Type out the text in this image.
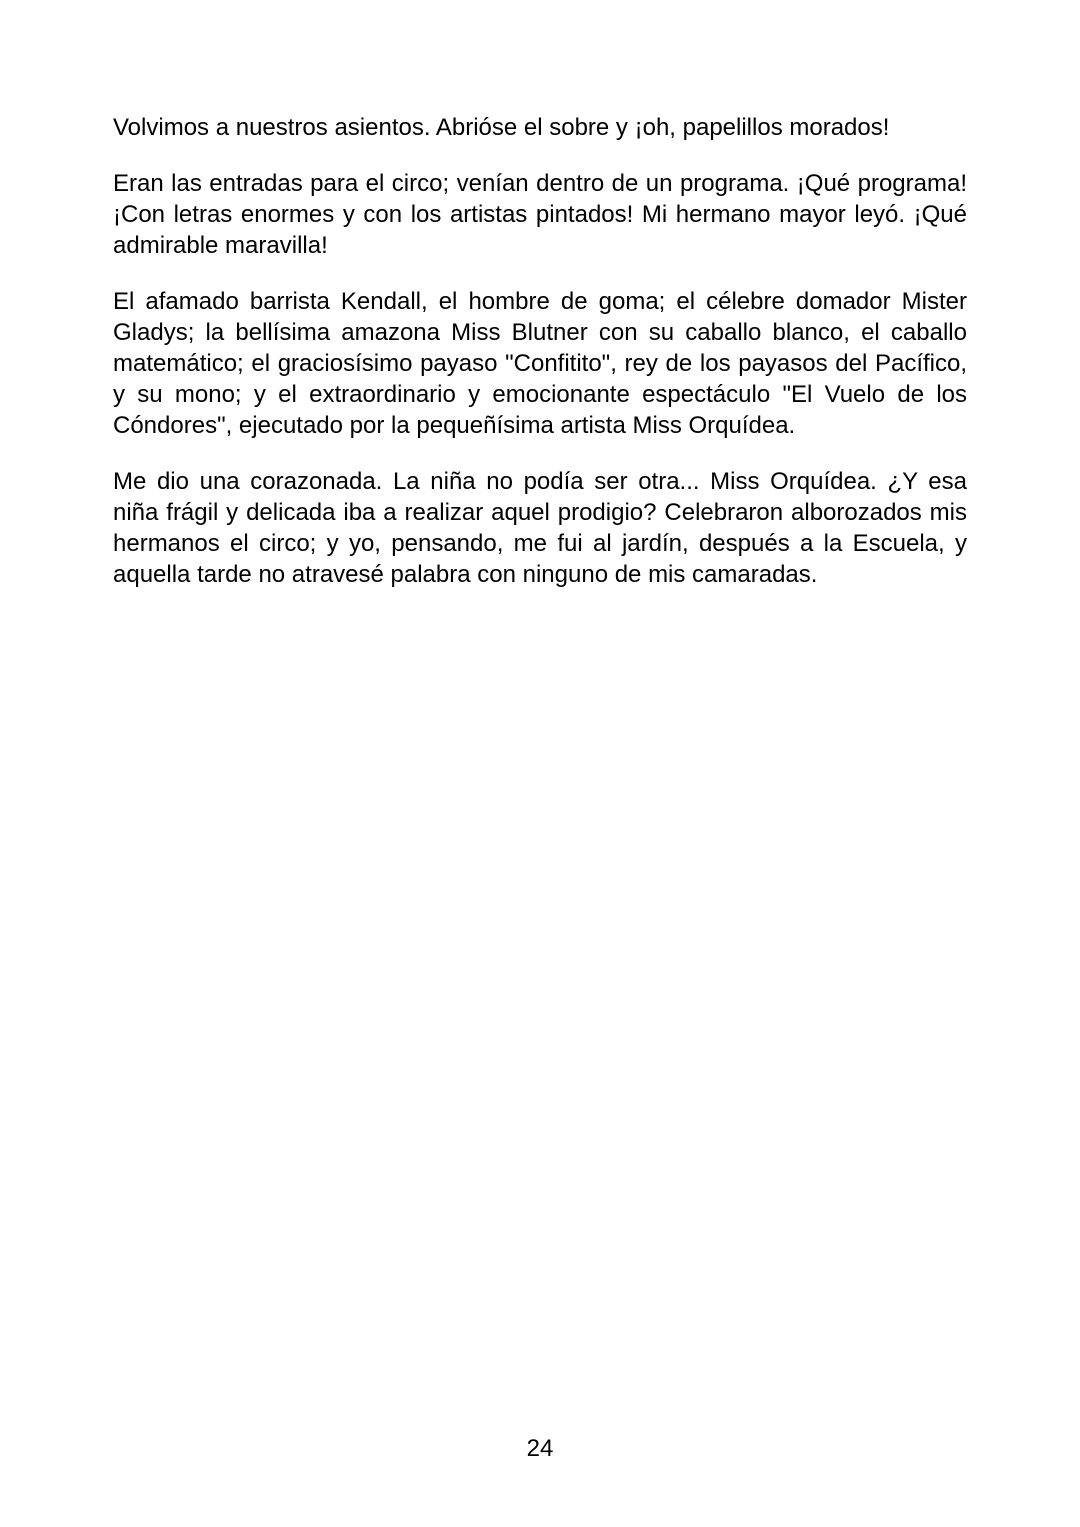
Volvimos a nuestros asientos. Abrióse el sobre y ¡oh, papelillos morados!

Eran las entradas para el circo; venían dentro de un programa. ¡Qué programa! ¡Con letras enormes y con los artistas pintados! Mi hermano mayor leyó. ¡Qué admirable maravilla!

El afamado barrista Kendall, el hombre de goma; el célebre domador Mister Gladys; la bellísima amazona Miss Blutner con su caballo blanco, el caballo matemático; el graciosísimo payaso "Confitito", rey de los payasos del Pacífico, y su mono; y el extraordinario y emocionante espectáculo "El Vuelo de los Cóndores", ejecutado por la pequeñísima artista Miss Orquídea.

Me dio una corazonada. La niña no podía ser otra... Miss Orquídea. ¿Y esa niña frágil y delicada iba a realizar aquel prodigio? Celebraron alborozados mis hermanos el circo; y yo, pensando, me fui al jardín, después a la Escuela, y aquella tarde no atravesé palabra con ninguno de mis camaradas.

24
